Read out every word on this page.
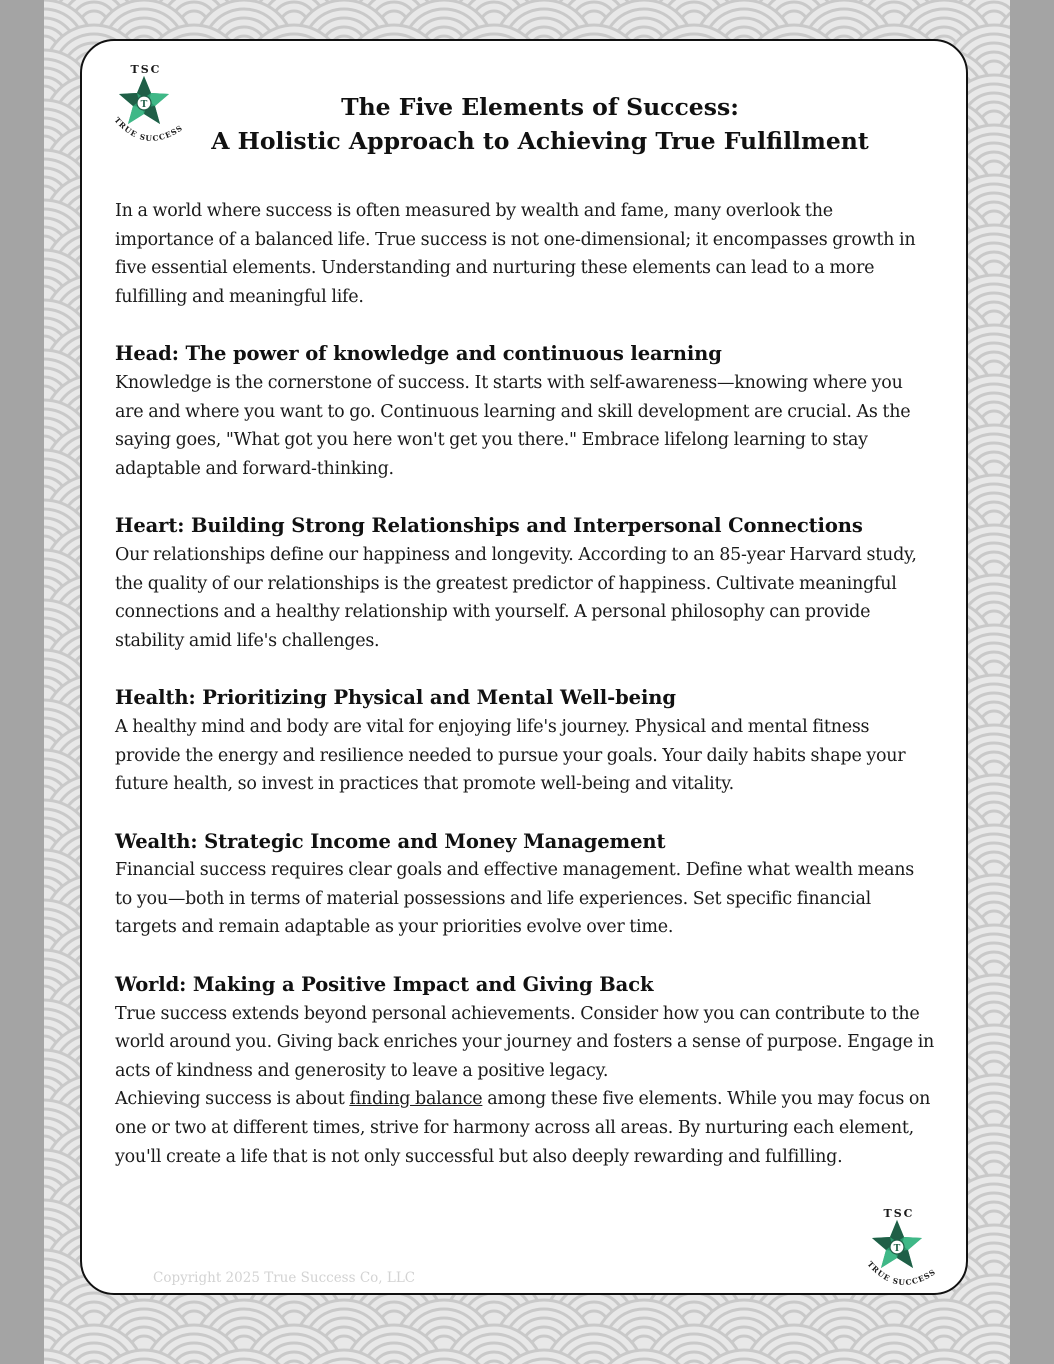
TSC
T
TRUE SUCCESS
TSC
T
TRUE SUCCESS
The Five Elements of Success:
A Holistic Approach to Achieving True Fulfillment

In a world where success is often measured by wealth and fame, many overlook the importance of a balanced life. True success is not one-dimensional; it encompasses growth in five essential elements. Understanding and nurturing these elements can lead to a more fulfilling and meaningful life.

Head: The power of knowledge and continuous learning

Knowledge is the cornerstone of success. It starts with self-awareness—knowing where you are and where you want to go. Continuous learning and skill development are crucial. As the saying goes, "What got you here won't get you there." Embrace lifelong learning to stay adaptable and forward-thinking.

Heart: Building Strong Relationships and Interpersonal Connections

Our relationships define our happiness and longevity. According to an 85-year Harvard study, the quality of our relationships is the greatest predictor of happiness. Cultivate meaningful connections and a healthy relationship with yourself. A personal philosophy can provide stability amid life's challenges.

Health: Prioritizing Physical and Mental Well-being

A healthy mind and body are vital for enjoying life's journey. Physical and mental fitness provide the energy and resilience needed to pursue your goals. Your daily habits shape your future health, so invest in practices that promote well-being and vitality.

Wealth: Strategic Income and Money Management

Financial success requires clear goals and effective management. Define what wealth means to you—both in terms of material possessions and life experiences. Set specific financial targets and remain adaptable as your priorities evolve over time.

World: Making a Positive Impact and Giving Back

True success extends beyond personal achievements. Consider how you can contribute to the world around you. Giving back enriches your journey and fosters a sense of purpose. Engage in acts of kindness and generosity to leave a positive legacy.

Achieving success is about finding balance among these five elements. While you may focus on one or two at different times, strive for harmony across all areas. By nurturing each element, you'll create a life that is not only successful but also deeply rewarding and fulfilling.

Copyright 2025 True Success Co, LLC
